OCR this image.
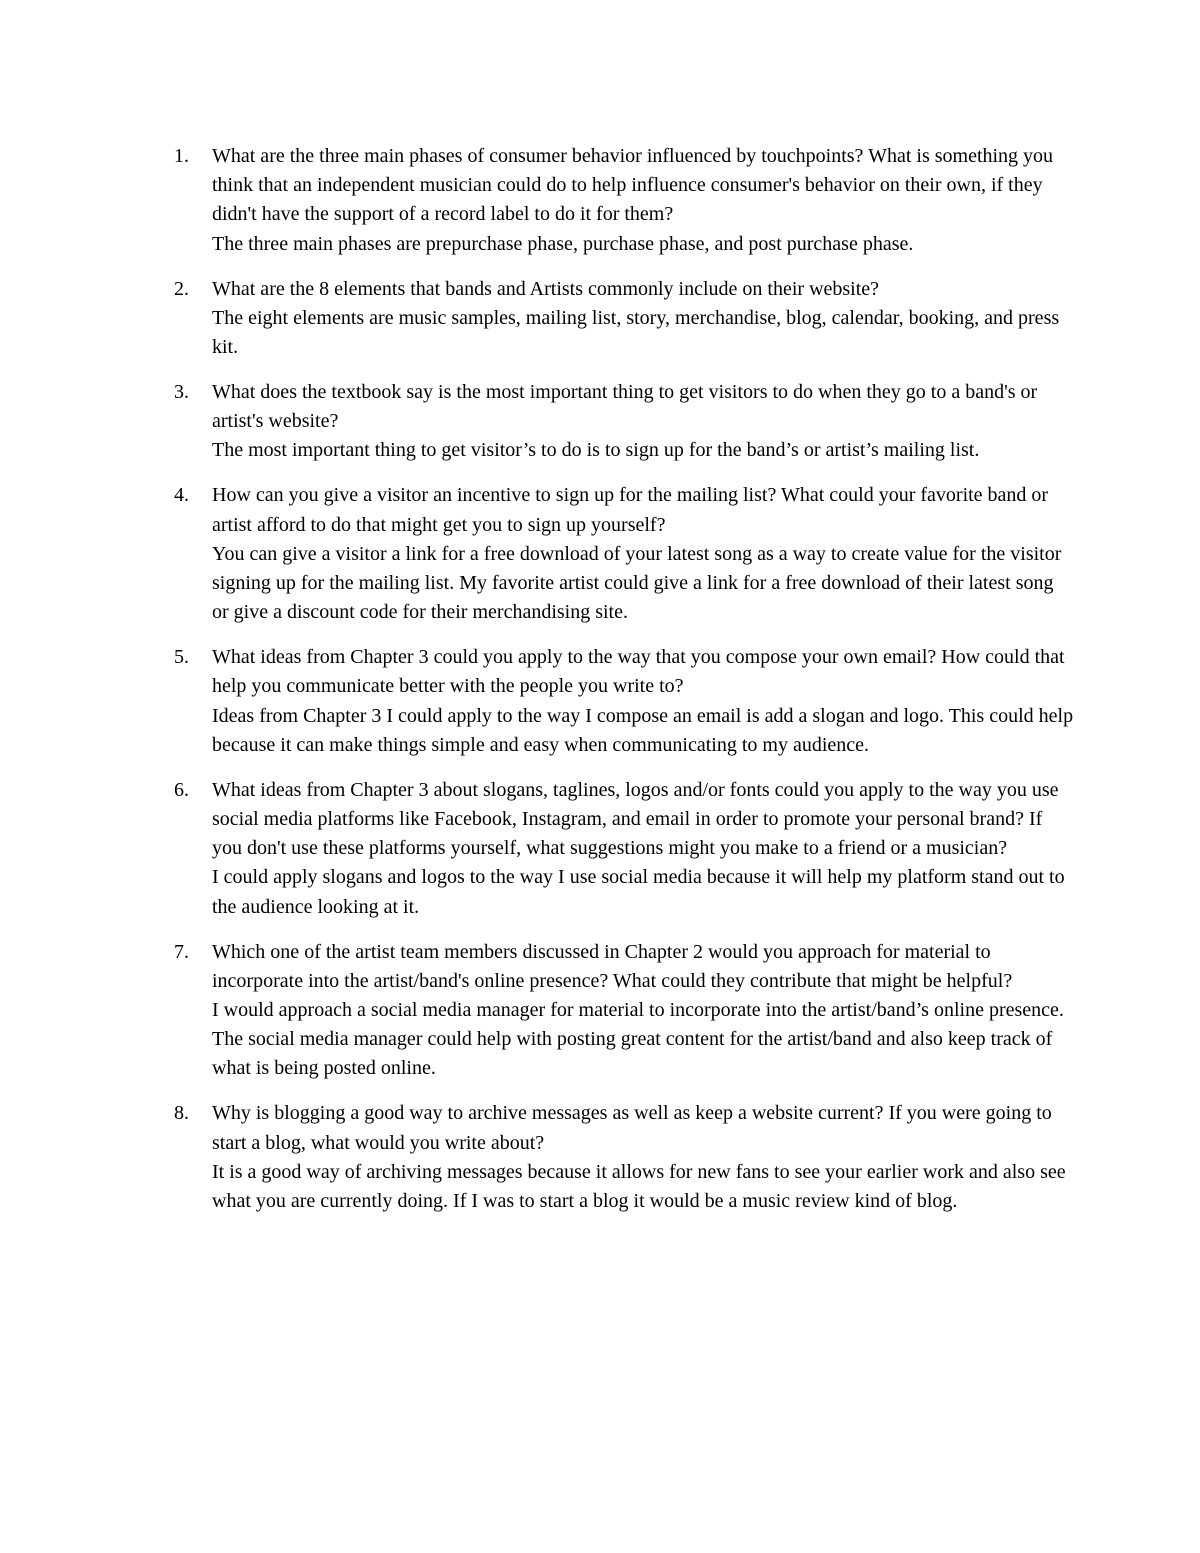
1.	What are the three main phases of consumer behavior influenced by touchpoints? What is something you think that an independent musician could do to help influence consumer's behavior on their own, if they didn't have the support of a record label to do it for them?
The three main phases are prepurchase phase, purchase phase, and post purchase phase.
2.	What are the 8 elements that bands and Artists commonly include on their website?
The eight elements are music samples, mailing list, story, merchandise, blog, calendar, booking, and press kit.
3.	What does the textbook say is the most important thing to get visitors to do when they go to a band's or artist's website?
The most important thing to get visitor’s to do is to sign up for the band’s or artist’s mailing list.
4.	How can you give a visitor an incentive to sign up for the mailing list? What could your favorite band or artist afford to do that might get you to sign up yourself?
You can give a visitor a link for a free download of your latest song as a way to create value for the visitor signing up for the mailing list. My favorite artist could give a link for a free download of their latest song or give a discount code for their merchandising site.
5.	What ideas from Chapter 3 could you apply to the way that you compose your own email? How could that help you communicate better with the people you write to?
Ideas from Chapter 3 I could apply to the way I compose an email is add a slogan and logo. This could help because it can make things simple and easy when communicating to my audience.
6.	What ideas from Chapter 3 about slogans, taglines, logos and/or fonts could you apply to the way you use social media platforms like Facebook, Instagram, and email in order to promote your personal brand? If you don't use these platforms yourself, what suggestions might you make to a friend or a musician?
I could apply slogans and logos to the way I use social media because it will help my platform stand out to the audience looking at it.
7.	Which one of the artist team members discussed in Chapter 2 would you approach for material to incorporate into the artist/band's online presence? What could they contribute that might be helpful?
I would approach a social media manager for material to incorporate into the artist/band’s online presence. The social media manager could help with posting great content for the artist/band and also keep track of what is being posted online.
8.	Why is blogging a good way to archive messages as well as keep a website current? If you were going to start a blog, what would you write about?
It is a good way of archiving messages because it allows for new fans to see your earlier work and also see what you are currently doing. If I was to start a blog it would be a music review kind of blog.
